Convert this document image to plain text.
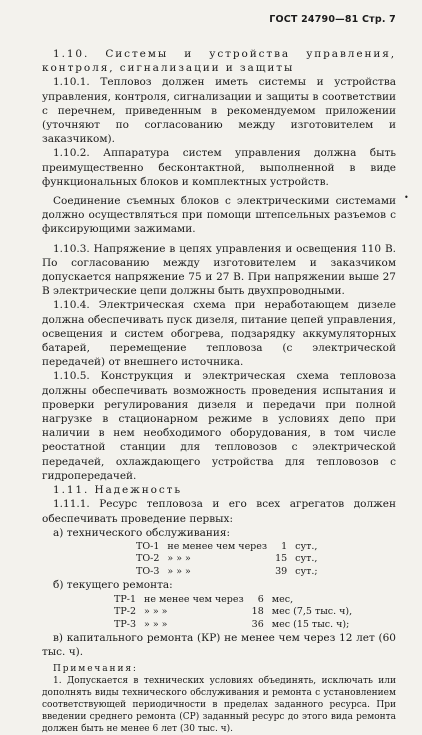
ГОСТ 24790—81 Стр. 7

1.10. Системы и устройства управления, контроля, сигнализации и защиты

1.10.1. Тепловоз должен иметь системы и устройства управления, контроля, сигнализации и защиты в соответствии с перечнем, приведенным в рекомендуемом приложении (уточняют по согласованию между изготовителем и заказчиком).

1.10.2. Аппаратура систем управления должна быть преимущественно бесконтактной, выполненной в виде функциональных блоков и комплектных устройств.

Соединение съемных блоков с электрическими системами должно осуществляться при помощи штепсельных разъемов с фиксирующими зажимами.

1.10.3. Напряжение в цепях управления и освещения 110 В. По согласованию между изготовителем и заказчиком допускается напряжение 75 и 27 В. При напряжении выше 27 В электрические цепи должны быть двухпроводными.

1.10.4. Электрическая схема при неработающем дизеле должна обеспечивать пуск дизеля, питание цепей управления, освещения и систем обогрева, подзарядку аккумуляторных батарей, перемещение тепловоза (с электрической передачей) от внешнего источника.

1.10.5. Конструкция и электрическая схема тепловоза должны обеспечивать возможность проведения испытания и проверки регулирования дизеля и передачи при полной нагрузке в стационарном режиме в условиях депо при наличии в нем необходимого оборудования, в том числе реостатной станции для тепловозов с электрической передачей, охлаждающего устройства для тепловозов с гидропередачей.

1.11. Надежность

1.11.1. Ресурс тепловоза и его всех агрегатов должен обеспечивать проведение первых:

а) технического обслуживания:

ТО-1	не менее чем через	1	сут.,
ТО-2	» » »	15	сут.,
ТО-3	» » »	39	сут.;

б) текущего ремонта:

ТР-1	не менее чем через	6	мес,
ТР-2	» » »	18	мес (7,5 тыс. ч),
ТР-3	» » »	36	мес (15 тыс. ч);

в) капитального ремонта (КР) не менее чем через 12 лет (60 тыс. ч).

Примечания:

1. Допускается в технических условиях объединять, исключать или дополнять виды технического обслуживания и ремонта с установлением соответствующей периодичности в пределах заданного ресурса. При введении среднего ремонта (СР) заданный ресурс до этого вида ремонта должен быть не менее 6 лет (30 тыс. ч).

•
